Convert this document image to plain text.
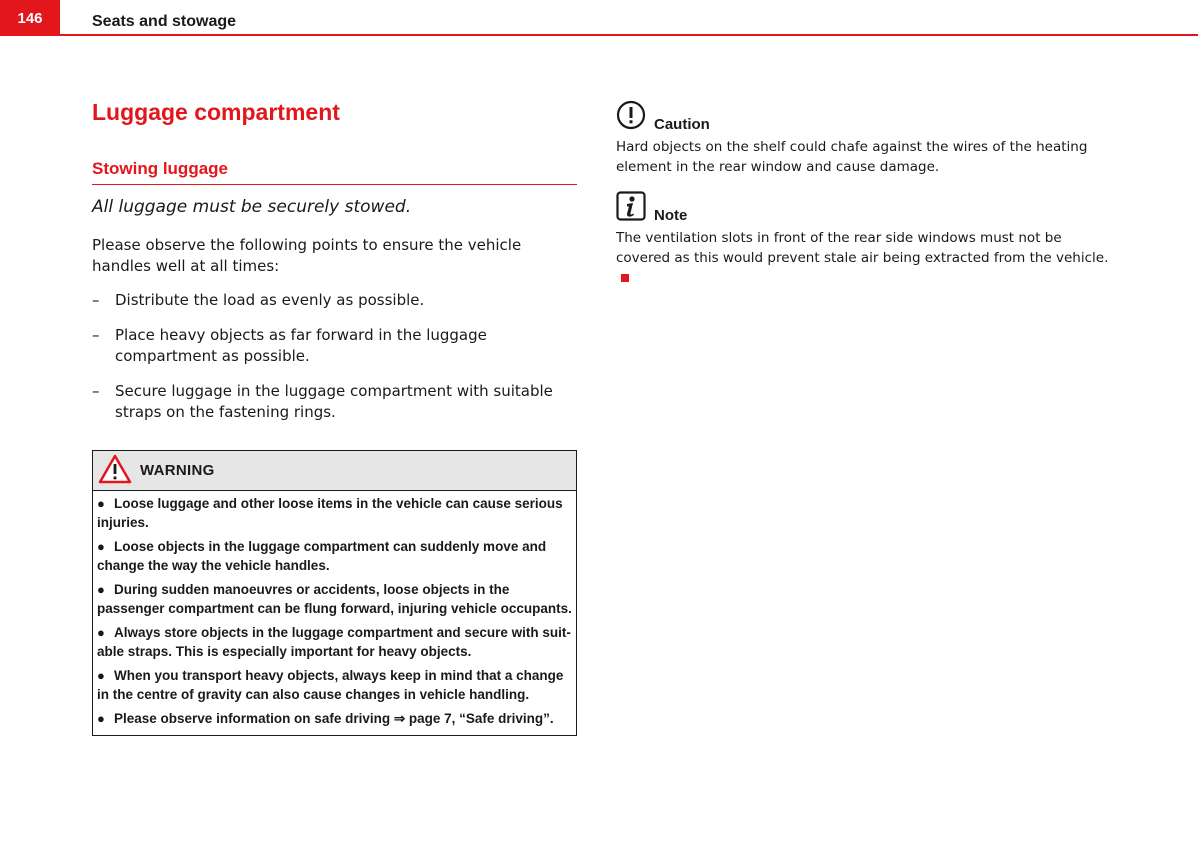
146	Seats and stowage
Luggage compartment
Stowing luggage

All luggage must be securely stowed.

Please observe the following points to ensure the vehicle handles well at all times:

– Distribute the load as evenly as possible.
– Place heavy objects as far forward in the luggage compartment as possible.
– Secure luggage in the luggage compartment with suitable straps on the fastening rings.
WARNING
● Loose luggage and other loose items in the vehicle can cause serious injuries.
● Loose objects in the luggage compartment can suddenly move and change the way the vehicle handles.
● During sudden manoeuvres or accidents, loose objects in the passenger compartment can be flung forward, injuring vehicle occupants.
● Always store objects in the luggage compartment and secure with suit-able straps. This is especially important for heavy objects.
● When you transport heavy objects, always keep in mind that a change in the centre of gravity can also cause changes in vehicle handling.
● Please observe information on safe driving ⇒ page 7, “Safe driving”.
Caution

Hard objects on the shelf could chafe against the wires of the heating element in the rear window and cause damage.

Note

The ventilation slots in front of the rear side windows must not be covered as this would prevent stale air being extracted from the vehicle.
